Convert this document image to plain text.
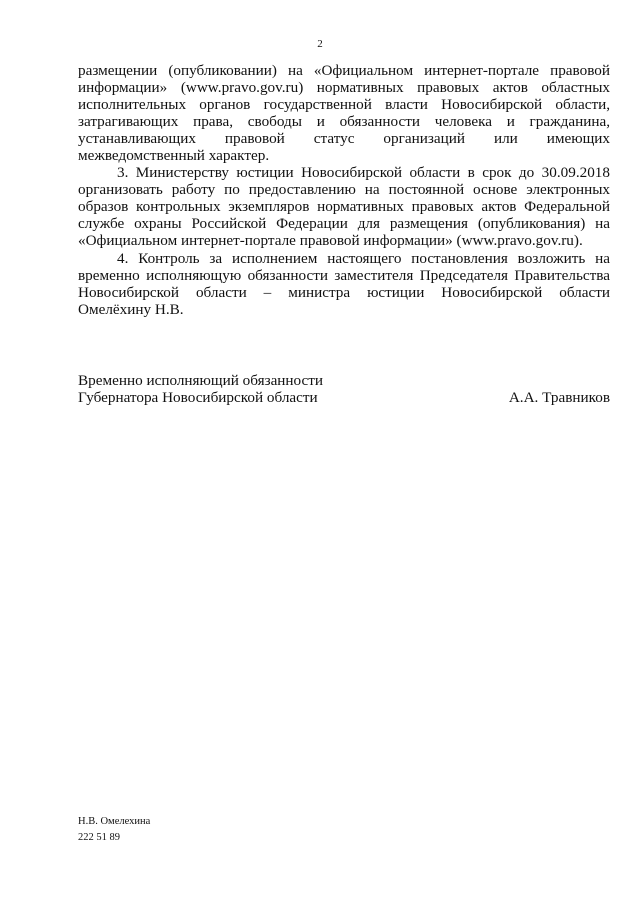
2
размещении (опубликовании) на «Официальном интернет-портале правовой
информации» (www.pravo.gov.ru) нормативных правовых актов областных
исполнительных органов государственной власти Новосибирской области,
затрагивающих права, свободы и обязанности человека и гражданина,
устанавливающих правовой статус организаций или имеющих
межведомственный характер.
3. Министерству юстиции Новосибирской области в срок до 30.09.2018
организовать работу по предоставлению на постоянной основе электронных
образов контрольных экземпляров нормативных правовых актов Федеральной
службе охраны Российской Федерации для размещения (опубликования) на
«Официальном интернет-портале правовой информации» (www.pravo.gov.ru).
4. Контроль за исполнением настоящего постановления возложить на
временно исполняющую обязанности заместителя Председателя Правительства
Новосибирской области – министра юстиции Новосибирской области
Омелёхину Н.В.
Временно исполняющий обязанности
Губернатора Новосибирской области	А.А. Травников
Н.В. Омелехина
222 51 89
